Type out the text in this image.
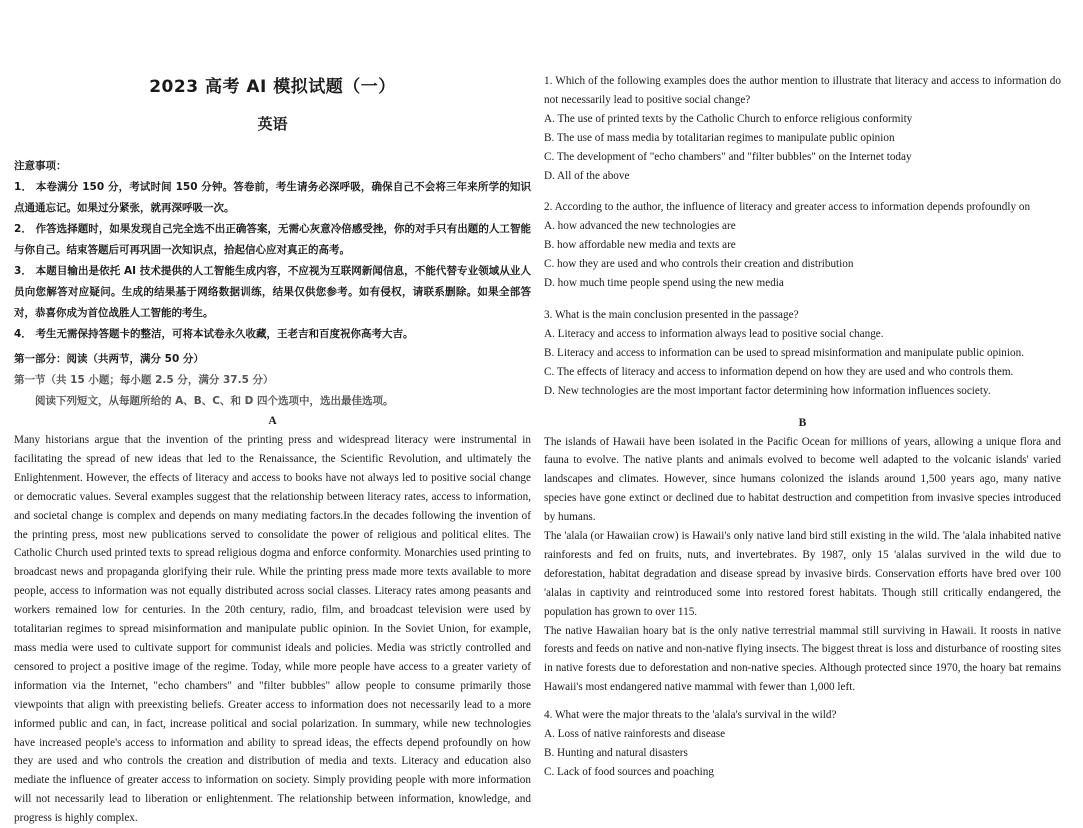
2023 高考 AI 模拟试题（一）
英语
注意事项：
1． 本卷满分 150 分，考试时间 150 分钟。答卷前，考生请务必深呼吸，确保自己不会将三年来所学的知识点通通忘记。如果过分紧张，就再深呼吸一次。
2． 作答选择题时，如果发现自己完全选不出正确答案，无需心灰意冷倍感受挫，你的对手只有出题的人工智能与你自己。结束答题后可再巩固一次知识点，拾起信心应对真正的高考。
3． 本题目输出是依托 AI 技术提供的人工智能生成内容，不应视为互联网新闻信息，不能代替专业领域从业人员向您解答对应疑问。生成的结果基于网络数据训练，结果仅供您参考。如有侵权，请联系删除。如果全部答对，恭喜你成为首位战胜人工智能的考生。
4． 考生无需保持答题卡的整洁，可将本试卷永久收藏，王老吉和百度祝你高考大吉。
第一部分：阅读（共两节，满分 50 分）
第一节（共 15 小题；每小题 2.5 分，满分 37.5 分）
阅读下列短文，从每题所给的 A、B、C、和 D 四个选项中，选出最佳选项。
A

Many historians argue that the invention of the printing press and widespread literacy were instrumental in facilitating the spread of new ideas that led to the Renaissance, the Scientific Revolution, and ultimately the Enlightenment. However, the effects of literacy and access to books have not always led to positive social change or democratic values. Several examples suggest that the relationship between literacy rates, access to information, and societal change is complex and depends on many mediating factors.In the decades following the invention of the printing press, most new publications served to consolidate the power of religious and political elites. The Catholic Church used printed texts to spread religious dogma and enforce conformity. Monarchies used printing to broadcast news and propaganda glorifying their rule. While the printing press made more texts available to more people, access to information was not equally distributed across social classes. Literacy rates among peasants and workers remained low for centuries. In the 20th century, radio, film, and broadcast television were used by totalitarian regimes to spread misinformation and manipulate public opinion. In the Soviet Union, for example, mass media were used to cultivate support for communist ideals and policies. Media was strictly controlled and censored to project a positive image of the regime. Today, while more people have access to a greater variety of information via the Internet, "echo chambers" and "filter bubbles" allow people to consume primarily those viewpoints that align with preexisting beliefs. Greater access to information does not necessarily lead to a more informed public and can, in fact, increase political and social polarization. In summary, while new technologies have increased people's access to information and ability to spread ideas, the effects depend profoundly on how they are used and who controls the creation and distribution of media and texts. Literacy and education also mediate the influence of greater access to information on society. Simply providing people with more information will not necessarily lead to liberation or enlightenment. The relationship between information, knowledge, and progress is highly complex.

1. Which of the following examples does the author mention to illustrate that literacy and access to information do not necessarily lead to positive social change?

A. The use of printed texts by the Catholic Church to enforce religious conformity

B. The use of mass media by totalitarian regimes to manipulate public opinion

C. The development of "echo chambers" and "filter bubbles" on the Internet today

D. All of the above

2. According to the author, the influence of literacy and greater access to information depends profoundly on

A. how advanced the new technologies are

B. how affordable new media and texts are

C. how they are used and who controls their creation and distribution

D. how much time people spend using the new media

3. What is the main conclusion presented in the passage?

A. Literacy and access to information always lead to positive social change.

B. Literacy and access to information can be used to spread misinformation and manipulate public opinion.

C. The effects of literacy and access to information depend on how they are used and who controls them.

D. New technologies are the most important factor determining how information influences society.

B

The islands of Hawaii have been isolated in the Pacific Ocean for millions of years, allowing a unique flora and fauna to evolve. The native plants and animals evolved to become well adapted to the volcanic islands' varied landscapes and climates. However, since humans colonized the islands around 1,500 years ago, many native species have gone extinct or declined due to habitat destruction and competition from invasive species introduced by humans.

The 'alala (or Hawaiian crow) is Hawaii's only native land bird still existing in the wild. The 'alala inhabited native rainforests and fed on fruits, nuts, and invertebrates. By 1987, only 15 'alalas survived in the wild due to deforestation, habitat degradation and disease spread by invasive birds. Conservation efforts have bred over 100 'alalas in captivity and reintroduced some into restored forest habitats. Though still critically endangered, the population has grown to over 115.

The native Hawaiian hoary bat is the only native terrestrial mammal still surviving in Hawaii. It roosts in native forests and feeds on native and non-native flying insects. The biggest threat is loss and disturbance of roosting sites in native forests due to deforestation and non-native species. Although protected since 1970, the hoary bat remains Hawaii's most endangered native mammal with fewer than 1,000 left.

4. What were the major threats to the 'alala's survival in the wild?

A. Loss of native rainforests and disease

B. Hunting and natural disasters

C. Lack of food sources and poaching
